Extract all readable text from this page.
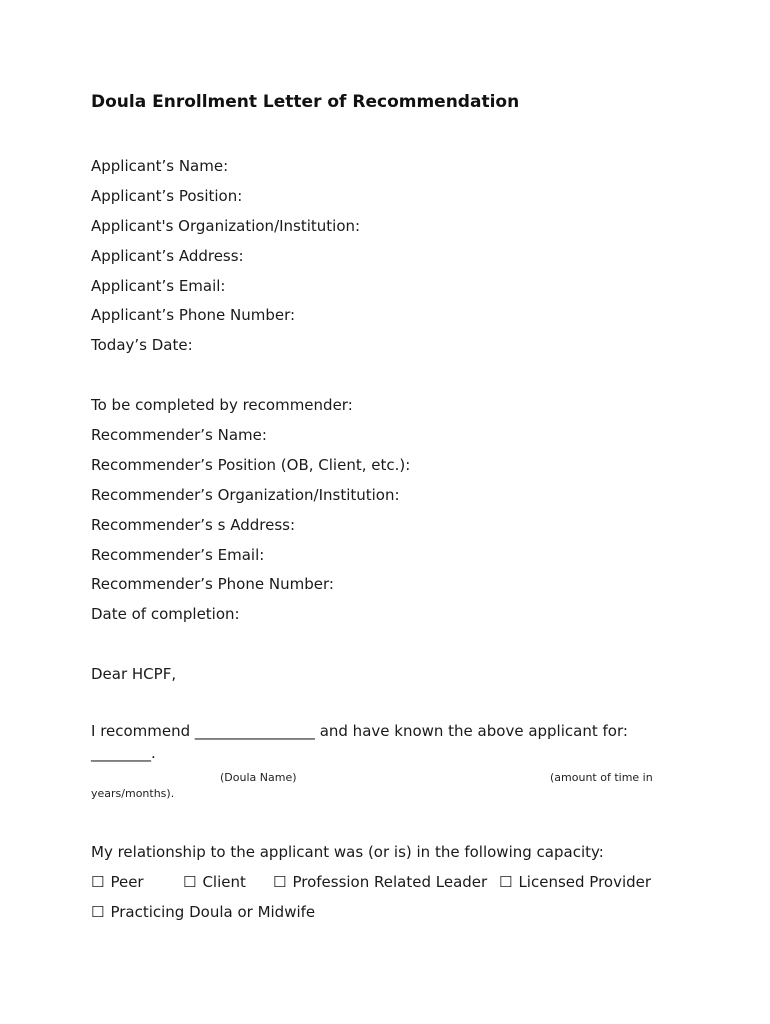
Doula Enrollment Letter of Recommendation
Applicant’s Name:
Applicant’s Position:
Applicant's Organization/Institution:
Applicant’s Address:
Applicant’s Email:
Applicant’s Phone Number:
Today’s Date:
To be completed by recommender:
Recommender’s Name:
Recommender’s Position (OB, Client, etc.):
Recommender’s Organization/Institution:
Recommender’s s Address:
Recommender’s Email:
Recommender’s Phone Number:
Date of completion:
Dear HCPF,
I recommend ________________ and have known the above applicant for:
________.
(Doula Name)	(amount of time in
years/months).
My relationship to the applicant was (or is) in the following capacity:
☐ Peer	☐ Client ☐ Profession Related Leader ☐ Licensed Provider
☐ Practicing Doula or Midwife
